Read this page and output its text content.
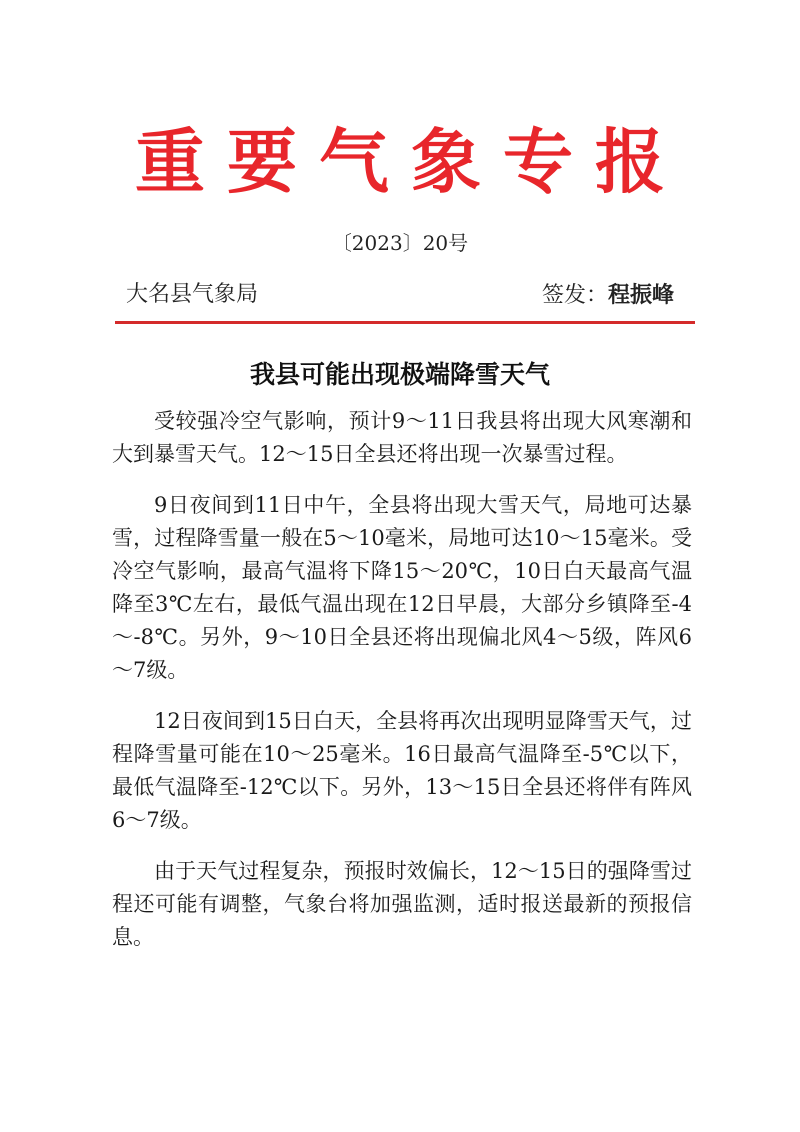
重要气象专报
〔2023〕20号
大名县气象局	签发：程振峰
我县可能出现极端降雪天气

受较强冷空气影响，预计9～11日我县将出现大风寒潮和大到暴雪天气。12～15日全县还将出现一次暴雪过程。

9日夜间到11日中午，全县将出现大雪天气，局地可达暴雪，过程降雪量一般在5～10毫米，局地可达10～15毫米。受冷空气影响，最高气温将下降15～20℃，10日白天最高气温降至3℃左右，最低气温出现在12日早晨，大部分乡镇降至-4～-8℃。另外，9～10日全县还将出现偏北风4～5级，阵风6～7级。

12日夜间到15日白天，全县将再次出现明显降雪天气，过程降雪量可能在10～25毫米。16日最高气温降至-5℃以下，最低气温降至-12℃以下。另外，13～15日全县还将伴有阵风6～7级。

由于天气过程复杂，预报时效偏长，12～15日的强降雪过程还可能有调整，气象台将加强监测，适时报送最新的预报信息。
